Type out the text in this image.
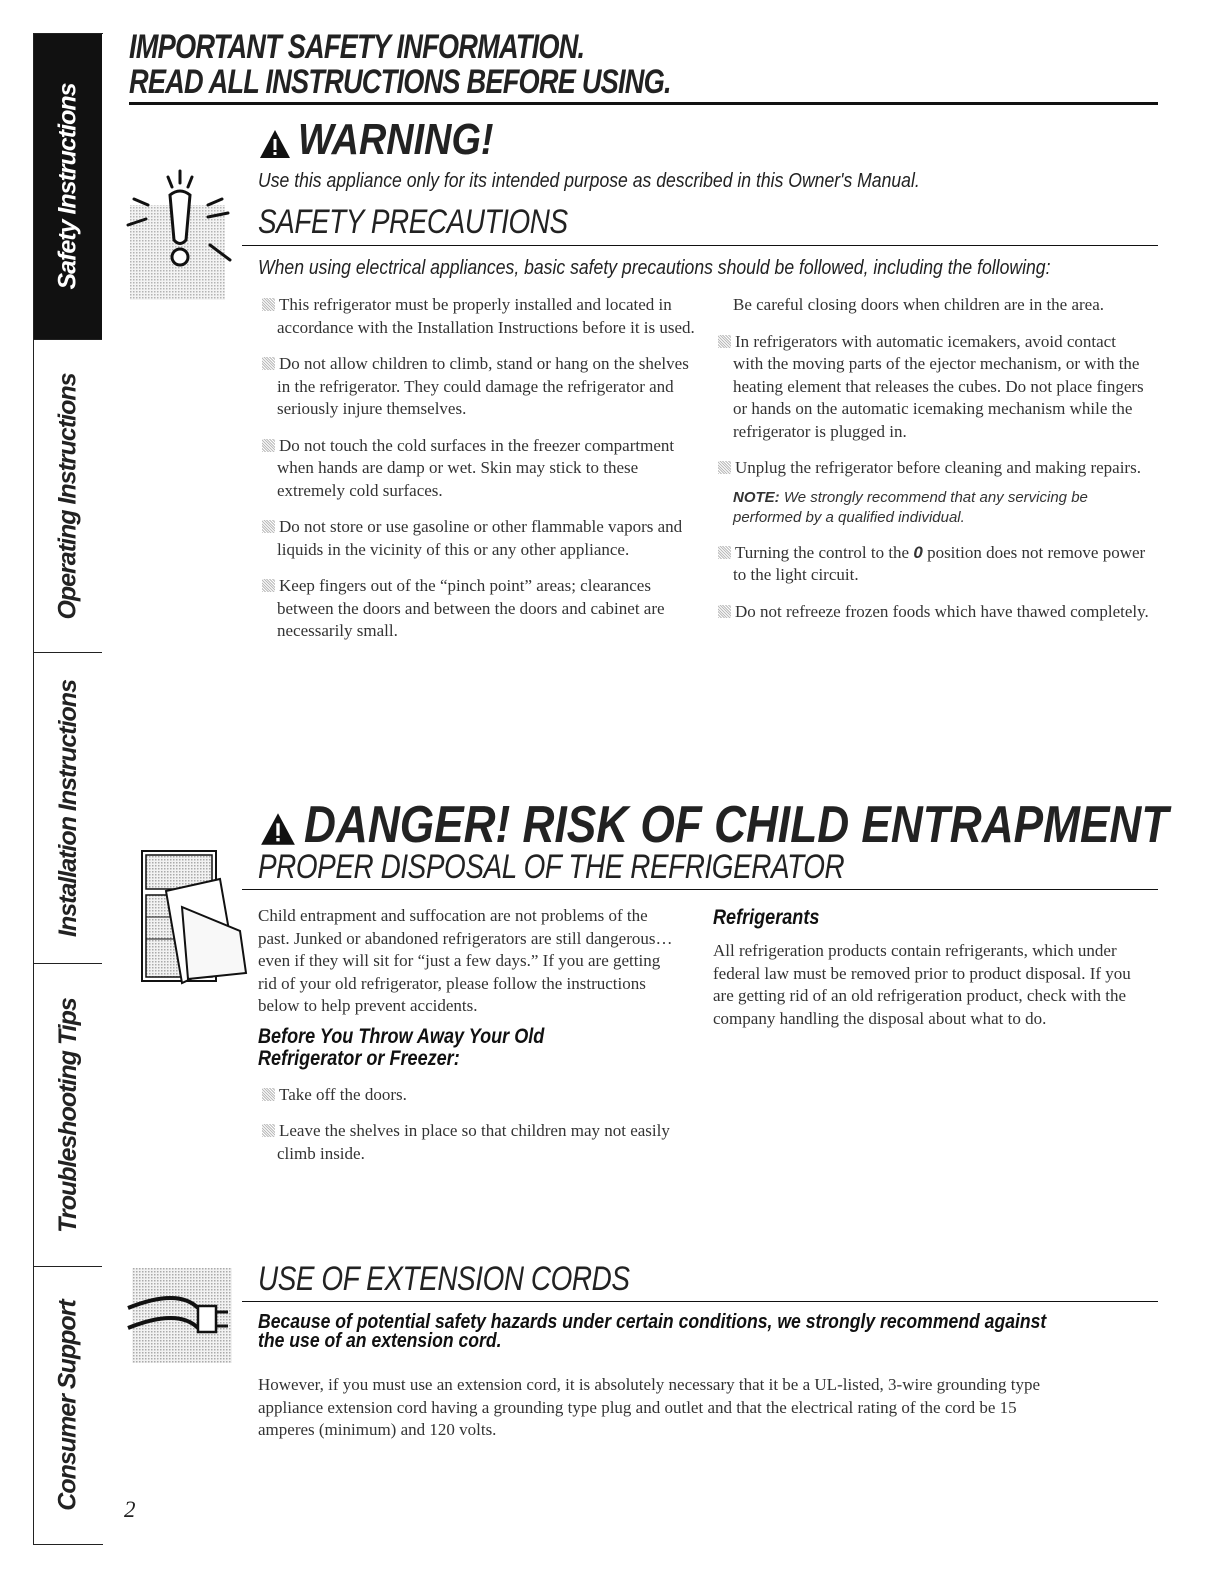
Safety Instructions
Operating Instructions
Installation Instructions
Troubleshooting Tips
Consumer Support
IMPORTANT SAFETY INFORMATION.
READ ALL INSTRUCTIONS BEFORE USING.
WARNING!
Use this appliance only for its intended purpose as described in this Owner's Manual.
SAFETY PRECAUTIONS
When using electrical appliances, basic safety precautions should be followed, including the following:

This refrigerator must be properly installed and located in accordance with the Installation Instructions before it is used.

Do not allow children to climb, stand or hang on the shelves in the refrigerator. They could damage the refrigerator and seriously injure themselves.

Do not touch the cold surfaces in the freezer compartment when hands are damp or wet. Skin may stick to these extremely cold surfaces.

Do not store or use gasoline or other flammable vapors and liquids in the vicinity of this or any other appliance.

Keep fingers out of the “pinch point” areas; clearances between the doors and between the doors and cabinet are necessarily small.

Be careful closing doors when children are in the area.

In refrigerators with automatic icemakers, avoid contact with the moving parts of the ejector mechanism, or with the heating element that releases the cubes. Do not place fingers or hands on the automatic icemaking mechanism while the refrigerator is plugged in.

Unplug the refrigerator before cleaning and making repairs.

NOTE: We strongly recommend that any servicing be performed by a qualified individual.

Turning the control to the 0 position does not remove power to the light circuit.

Do not refreeze frozen foods which have thawed completely.

DANGER! RISK OF CHILD ENTRAPMENT
PROPER DISPOSAL OF THE REFRIGERATOR

Child entrapment and suffocation are not problems of the past. Junked or abandoned refrigerators are still dangerous…even if they will sit for “just a few days.” If you are getting rid of your old refrigerator, please follow the instructions below to help prevent accidents.

Before You Throw Away Your Old
Refrigerator or Freezer:

Take off the doors.

Leave the shelves in place so that children may not easily climb inside.

Refrigerants

All refrigeration products contain refrigerants, which under federal law must be removed prior to product disposal. If you are getting rid of an old refrigeration product, check with the company handling the disposal about what to do.

USE OF EXTENSION CORDS
Because of potential safety hazards under certain conditions, we strongly recommend against
the use of an extension cord.

However, if you must use an extension cord, it is absolutely necessary that it be a UL-listed, 3-wire grounding type appliance extension cord having a grounding type plug and outlet and that the electrical rating of the cord be 15 amperes (minimum) and 120 volts.

2
